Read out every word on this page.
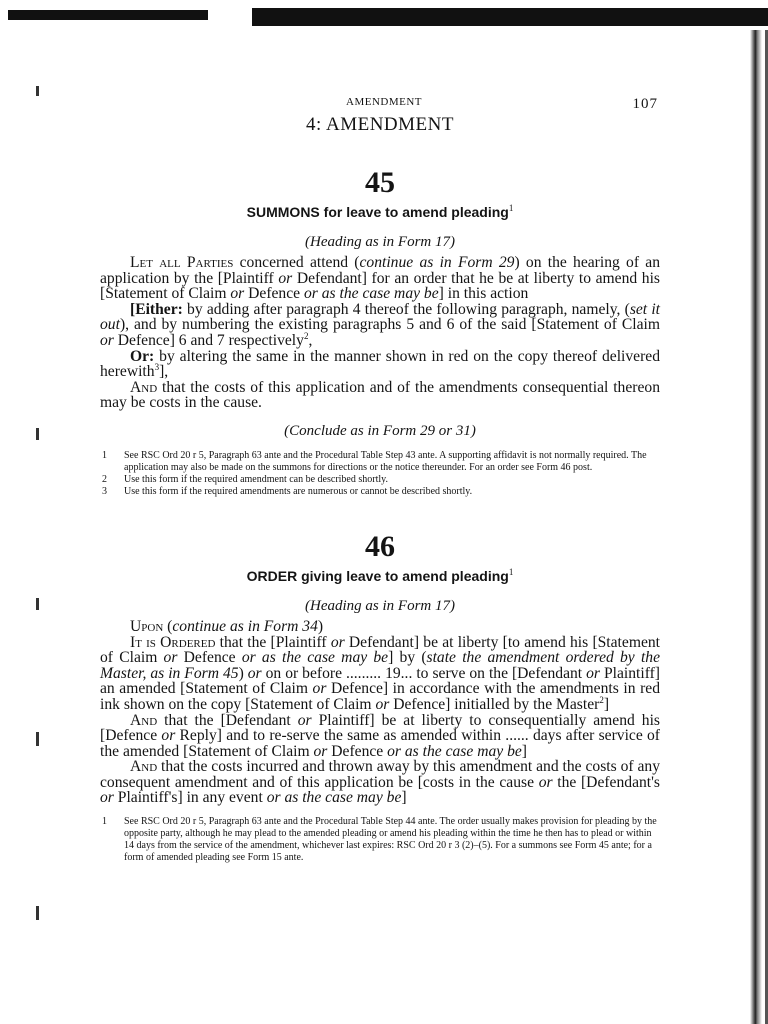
AMENDMENT	107
4: AMENDMENT
45
SUMMONS for leave to amend pleading$^1$
(Heading as in Form 17)

Let all Parties concerned attend (continue as in Form 29) on the hearing of an application by the [Plaintiff or Defendant] for an order that he be at liberty to amend his [Statement of Claim or Defence or as the case may be] in this action

[Either: by adding after paragraph 4 thereof the following paragraph, namely, (set it out), and by numbering the existing paragraphs 5 and 6 of the said [Statement of Claim or Defence] 6 and 7 respectively$^2$,

Or: by altering the same in the manner shown in red on the copy thereof delivered herewith$^3$],

And that the costs of this application and of the amendments consequential thereon may be costs in the cause.

(Conclude as in Form 29 or 31)
1 See RSC Ord 20 r 5, Paragraph 63 ante and the Procedural Table Step 43 ante. A supporting affidavit is not normally required. The application may also be made on the summons for directions or the notice thereunder. For an order see Form 46 post.
2 Use this form if the required amendment can be described shortly.
3 Use this form if the required amendments are numerous or cannot be described shortly.
46
ORDER giving leave to amend pleading$^1$
(Heading as in Form 17)

Upon (continue as in Form 34)

It is Ordered that the [Plaintiff or Defendant] be at liberty [to amend his [Statement of Claim or Defence or as the case may be] by (state the amendment ordered by the Master, as in Form 45) or on or before ......... 19... to serve on the [Defendant or Plaintiff] an amended [Statement of Claim or Defence] in accordance with the amendments in red ink shown on the copy [Statement of Claim or Defence] initialled by the Master$^2$]

And that the [Defendant or Plaintiff] be at liberty to consequentially amend his [Defence or Reply] and to re-serve the same as amended within ...... days after service of the amended [Statement of Claim or Defence or as the case may be]

And that the costs incurred and thrown away by this amendment and the costs of any consequent amendment and of this application be [costs in the cause or the [Defendant's or Plaintiff's] in any event or as the case may be]

1 See RSC Ord 20 r 5, Paragraph 63 ante and the Procedural Table Step 44 ante. The order usually makes provision for pleading by the opposite party, although he may plead to the amended pleading or amend his pleading within the time he then has to plead or within 14 days from the service of the amendment, whichever last expires: RSC Ord 20 r 3 (2)–(5). For a summons see Form 45 ante; for a form of amended pleading see Form 15 ante.
